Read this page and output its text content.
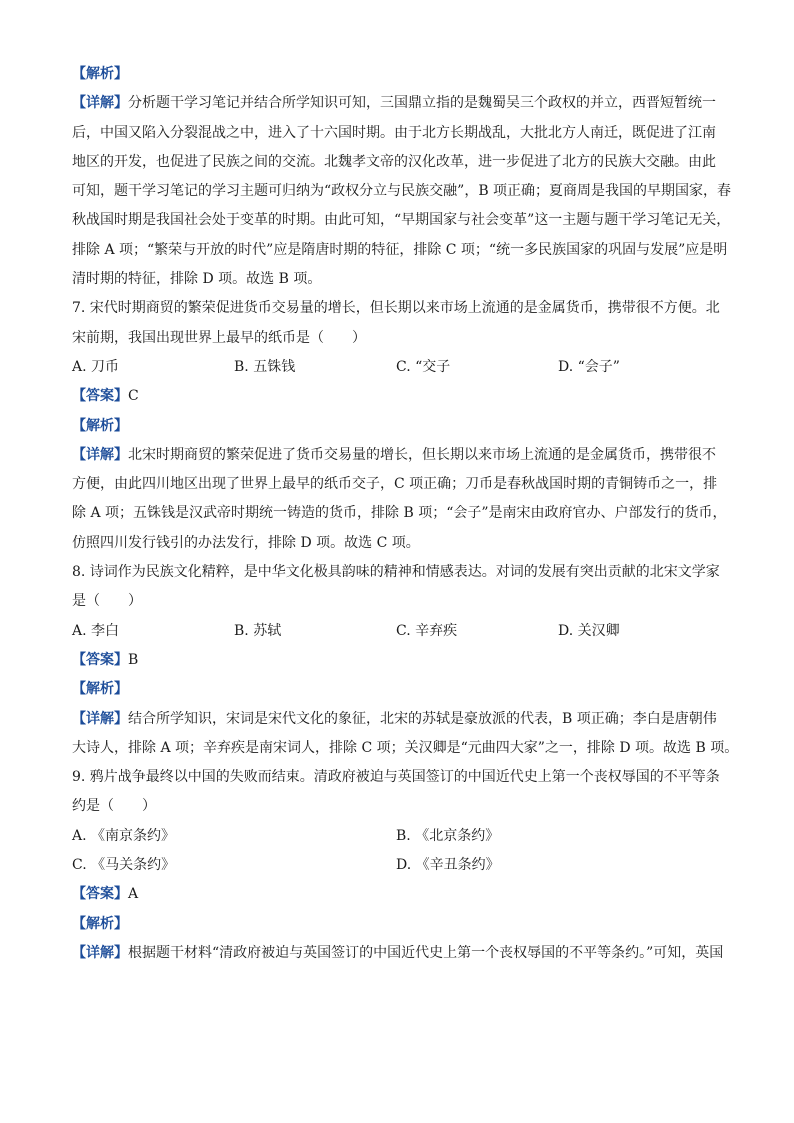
【解析】
【详解】分析题干学习笔记并结合所学知识可知，三国鼎立指的是魏蜀吴三个政权的并立，西晋短暂统一
后，中国又陷入分裂混战之中，进入了十六国时期。由于北方长期战乱，大批北方人南迁，既促进了江南
地区的开发，也促进了民族之间的交流。北魏孝文帝的汉化改革，进一步促进了北方的民族大交融。由此
可知，题干学习笔记的学习主题可归纳为“政权分立与民族交融”，B 项正确；夏商周是我国的早期国家，春
秋战国时期是我国社会处于变革的时期。由此可知，“早期国家与社会变革”这一主题与题干学习笔记无关，
排除 A 项；“繁荣与开放的时代”应是隋唐时期的特征，排除 C 项；“统一多民族国家的巩固与发展”应是明
清时期的特征，排除 D 项。故选 B 项。
7. 宋代时期商贸的繁荣促进货币交易量的增长，但长期以来市场上流通的是金属货币，携带很不方便。北
宋前期，我国出现世界上最早的纸币是（　　）
A. 刀币	B. 五铢钱	C. “交子	D. “会子”
【答案】C
【解析】
【详解】北宋时期商贸的繁荣促进了货币交易量的增长，但长期以来市场上流通的是金属货币，携带很不
方便，由此四川地区出现了世界上最早的纸币交子，C 项正确；刀币是春秋战国时期的青铜铸币之一，排
除 A 项；五铢钱是汉武帝时期统一铸造的货币，排除 B 项；“会子”是南宋由政府官办、户部发行的货币，
仿照四川发行钱引的办法发行，排除 D 项。故选 C 项。
8. 诗词作为民族文化精粹，是中华文化极具韵味的精神和情感表达。对词的发展有突出贡献的北宋文学家
是（　　）
A. 李白	B. 苏轼	C. 辛弃疾	D. 关汉卿
【答案】B
【解析】
【详解】结合所学知识，宋词是宋代文化的象征，北宋的苏轼是豪放派的代表，B 项正确；李白是唐朝伟
大诗人，排除 A 项；辛弃疾是南宋词人，排除 C 项；关汉卿是“元曲四大家”之一，排除 D 项。故选 B 项。
9. 鸦片战争最终以中国的失败而结束。清政府被迫与英国签订的中国近代史上第一个丧权辱国的不平等条
约是（　　）
A. 《南京条约》	B. 《北京条约》
C. 《马关条约》	D. 《辛丑条约》
【答案】A
【解析】
【详解】根据题干材料“清政府被迫与英国签订的中国近代史上第一个丧权辱国的不平等条约。”可知，英国
